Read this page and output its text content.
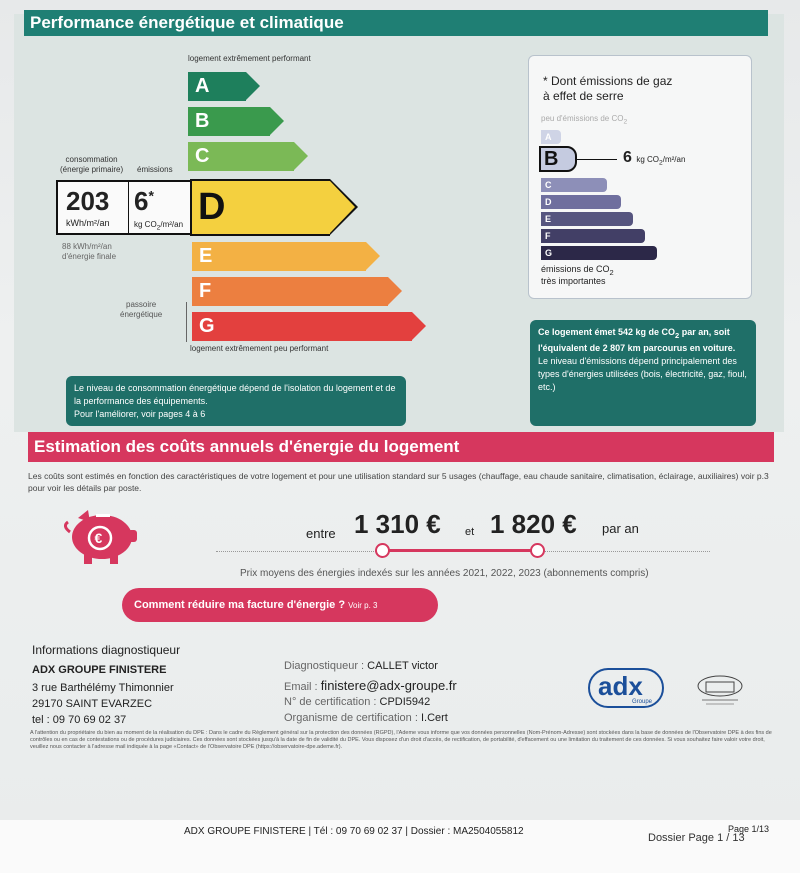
Performance énergétique et climatique
logement extrêmement performant
A
B
C
D
E
F
G
logement extrêmement peu performant
consommation
(énergie primaire) émissions
203
kWh/m²/an
6*
kg $CO_2/m^2/an$
88 kWh/m²/an
d'énergie finale
passoire
énergétique
Le niveau de consommation énergétique dépend de l'isolation du logement et de la performance des équipements.
Pour l'améliorer, voir pages 4 à 6
* Dont émissions de gaz
à effet de serre
peu d'émissions de $CO_2$
A
B	6 kg $CO_2/m^2/an$
C
D
E
F
G
émissions de $CO_2$
très importantes
Ce logement émet 542 kg de $CO_2$ par an, soit l'équivalent de 2 807 km parcourus en voiture.
Le niveau d'émissions dépend principalement des types d'énergies utilisées (bois, électricité, gaz, fioul, etc.)
Estimation des coûts annuels d'énergie du logement
Les coûts sont estimés en fonction des caractéristiques de votre logement et pour une utilisation standard sur 5 usages (chauffage, eau chaude sanitaire, climatisation, éclairage, auxiliaires) voir p.3 pour voir les détails par poste.
€	entre 1 310 € et 1 820 € par an
Prix moyens des énergies indexés sur les années 2021, 2022, 2023 (abonnements compris)
Comment réduire ma facture d'énergie ? Voir p. 3
Informations diagnostiqueur
ADX GROUPE FINISTERE
3 rue Barthélémy Thimonnier
29170 SAINT EVARZEC
tel : 09 70 69 02 37
Diagnostiqueur : CALLET victor
Email : finistere@adx-groupe.fr
N° de certification : CPDI5942
Organisme de certification : I.Cert
adx
Groupe
A l'attention du propriétaire du bien au moment de la réalisation du DPE : Dans le cadre du Règlement général sur la protection des données (RGPD), l'Ademe vous informe que vos données personnelles (Nom-Prénom-Adresse) sont stockées dans la base de données de l'Observatoire DPE à des fins de contrôles ou en cas de contestations ou de procédures judiciaires. Ces données sont stockées jusqu'à la date de fin de validité du DPE. Vous disposez d'un droit d'accès, de rectification, de portabilité, d'effacement ou une limitation du traitement de ces données. Si vous souhaitez faire valoir votre droit, veuillez nous contacter à l'adresse mail indiquée à la page «Contact» de l'Observatoire DPE (https://observatoire-dpe.ademe.fr).
ADX GROUPE FINISTERE | Tél : 09 70 69 02 37 | Dossier : MA2504055812	Page 1/13
Dossier Page 1 / 13
